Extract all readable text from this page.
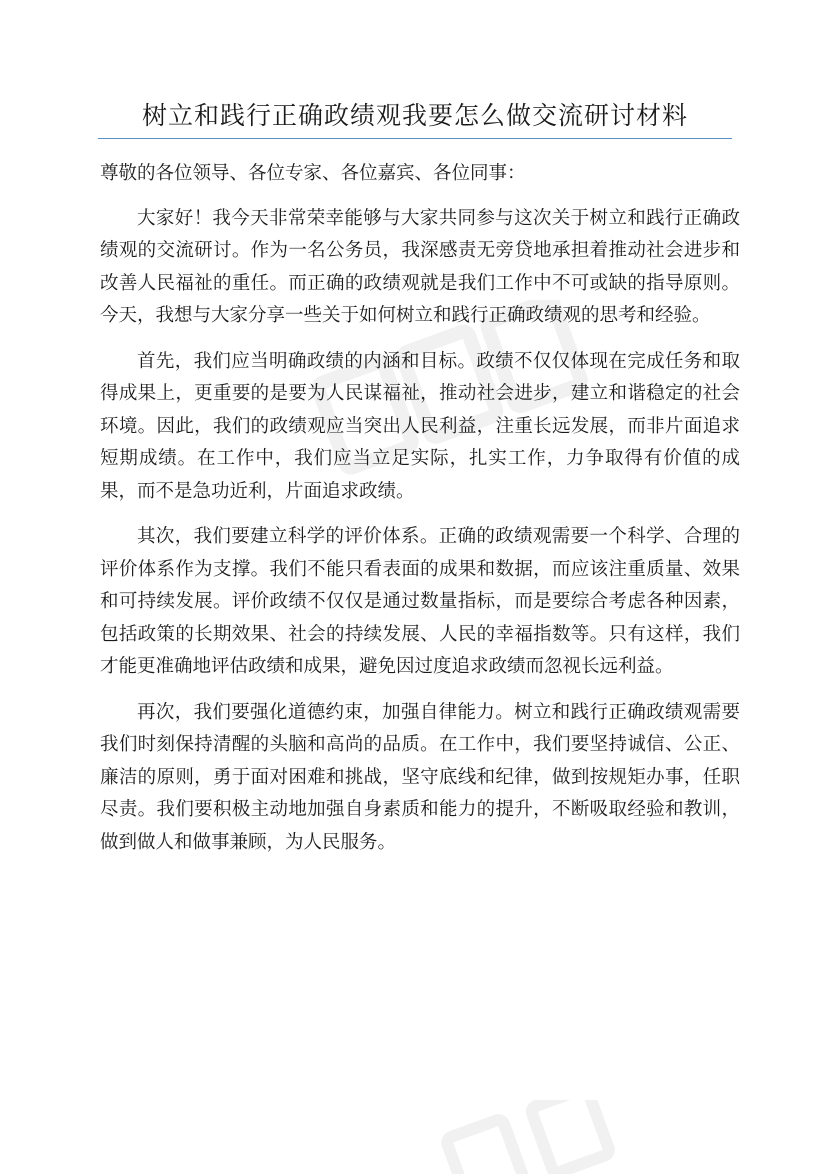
树立和践行正确政绩观我要怎么做交流研讨材料

尊敬的各位领导、各位专家、各位嘉宾、各位同事：

大家好！我今天非常荣幸能够与大家共同参与这次关于树立和践行正确政绩观的交流研讨。作为一名公务员，我深感责无旁贷地承担着推动社会进步和改善人民福祉的重任。而正确的政绩观就是我们工作中不可或缺的指导原则。今天，我想与大家分享一些关于如何树立和践行正确政绩观的思考和经验。

首先，我们应当明确政绩的内涵和目标。政绩不仅仅体现在完成任务和取得成果上，更重要的是要为人民谋福祉，推动社会进步，建立和谐稳定的社会环境。因此，我们的政绩观应当突出人民利益，注重长远发展，而非片面追求短期成绩。在工作中，我们应当立足实际，扎实工作，力争取得有价值的成果，而不是急功近利，片面追求政绩。

其次，我们要建立科学的评价体系。正确的政绩观需要一个科学、合理的评价体系作为支撑。我们不能只看表面的成果和数据，而应该注重质量、效果和可持续发展。评价政绩不仅仅是通过数量指标，而是要综合考虑各种因素，包括政策的长期效果、社会的持续发展、人民的幸福指数等。只有这样，我们才能更准确地评估政绩和成果，避免因过度追求政绩而忽视长远利益。

再次，我们要强化道德约束，加强自律能力。树立和践行正确政绩观需要我们时刻保持清醒的头脑和高尚的品质。在工作中，我们要坚持诚信、公正、廉洁的原则，勇于面对困难和挑战，坚守底线和纪律，做到按规矩办事，任职尽责。我们要积极主动地加强自身素质和能力的提升，不断吸取经验和教训，做到做人和做事兼顾，为人民服务。
